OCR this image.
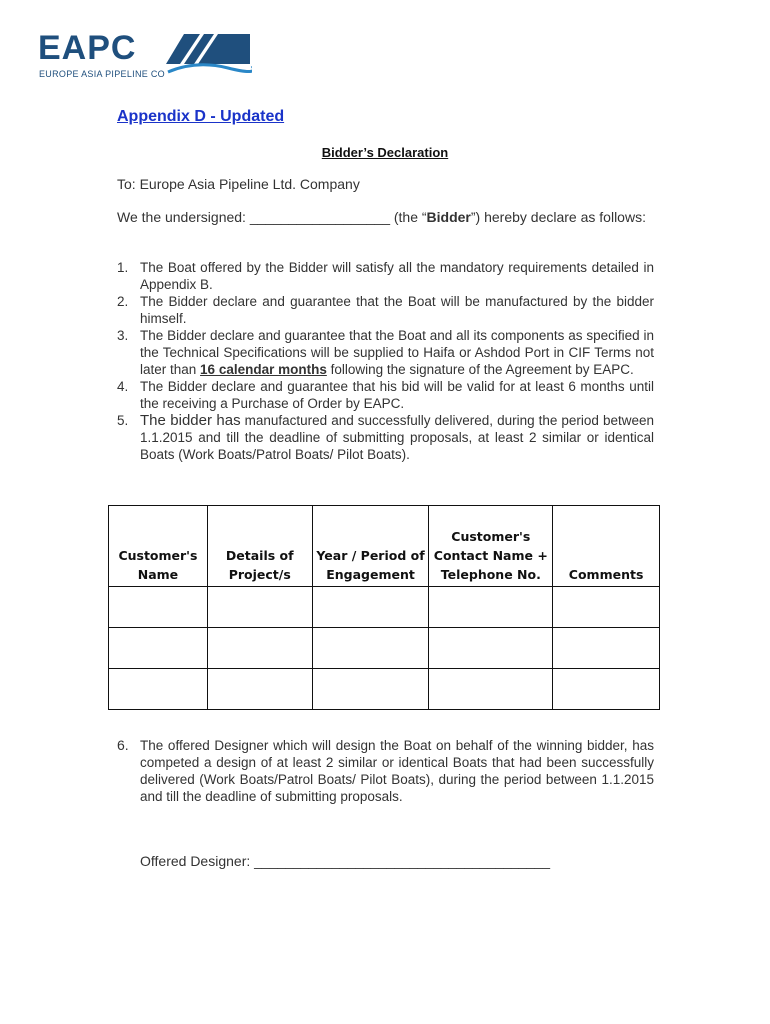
EAPC
EUROPE ASIA PIPELINE CO
Appendix D - Updated
Bidder’s Declaration
To: Europe Asia Pipeline Ltd. Company
We the undersigned: __________________ (the “Bidder”) hereby declare as follows:
1. The Boat offered by the Bidder will satisfy all the mandatory requirements detailed in Appendix B.
2. The Bidder declare and guarantee that the Boat will be manufactured by the bidder himself.
3. The Bidder declare and guarantee that the Boat and all its components as specified in the Technical Specifications will be supplied to Haifa or Ashdod Port in CIF Terms not later than 16 calendar months following the signature of the Agreement by EAPC.
4. The Bidder declare and guarantee that his bid will be valid for at least 6 months until the receiving a Purchase of Order by EAPC.
5. The bidder has manufactured and successfully delivered, during the period between 1.1.2015 and till the deadline of submitting proposals, at least 2 similar or identical Boats (Work Boats/Patrol Boats/ Pilot Boats).
Customer's Name	Details of Project/s	Year / Period of Engagement	Customer's Contact Name + Telephone No.	Comments

6. The offered Designer which will design the Boat on behalf of the winning bidder, has competed a design of at least 2 similar or identical Boats that had been successfully delivered (Work Boats/Patrol Boats/ Pilot Boats), during the period between 1.1.2015 and till the deadline of submitting proposals.
Offered Designer: ______________________________________
